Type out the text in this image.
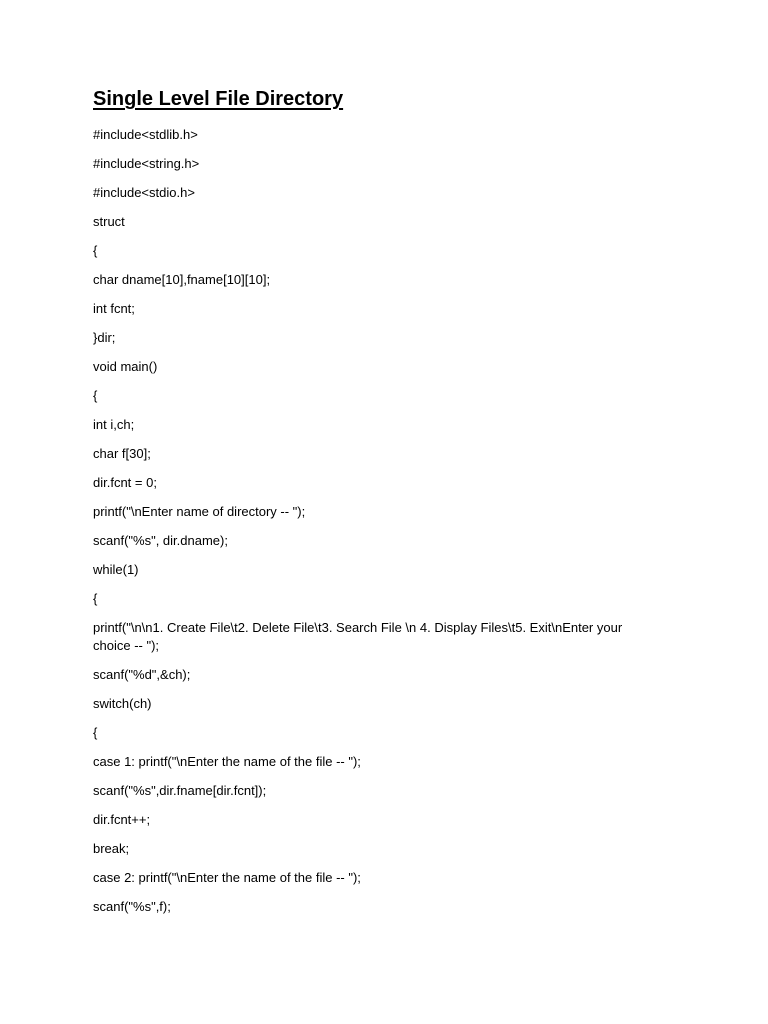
Single Level File Directory
#include<stdlib.h>
#include<string.h>
#include<stdio.h>
struct
{
char dname[10],fname[10][10];
int fcnt;
}dir;
void main()
{
int i,ch;
char f[30];
dir.fcnt = 0;
printf("\nEnter name of directory -- ");
scanf("%s", dir.dname);
while(1)
{
printf("\n\n1. Create File\t2. Delete File\t3. Search File \n 4. Display Files\t5. Exit\nEnter your choice -- ");
scanf("%d",&ch);
switch(ch)
{
case 1: printf("\nEnter the name of the file -- ");
scanf("%s",dir.fname[dir.fcnt]);
dir.fcnt++;
break;
case 2: printf("\nEnter the name of the file -- ");
scanf("%s",f);
